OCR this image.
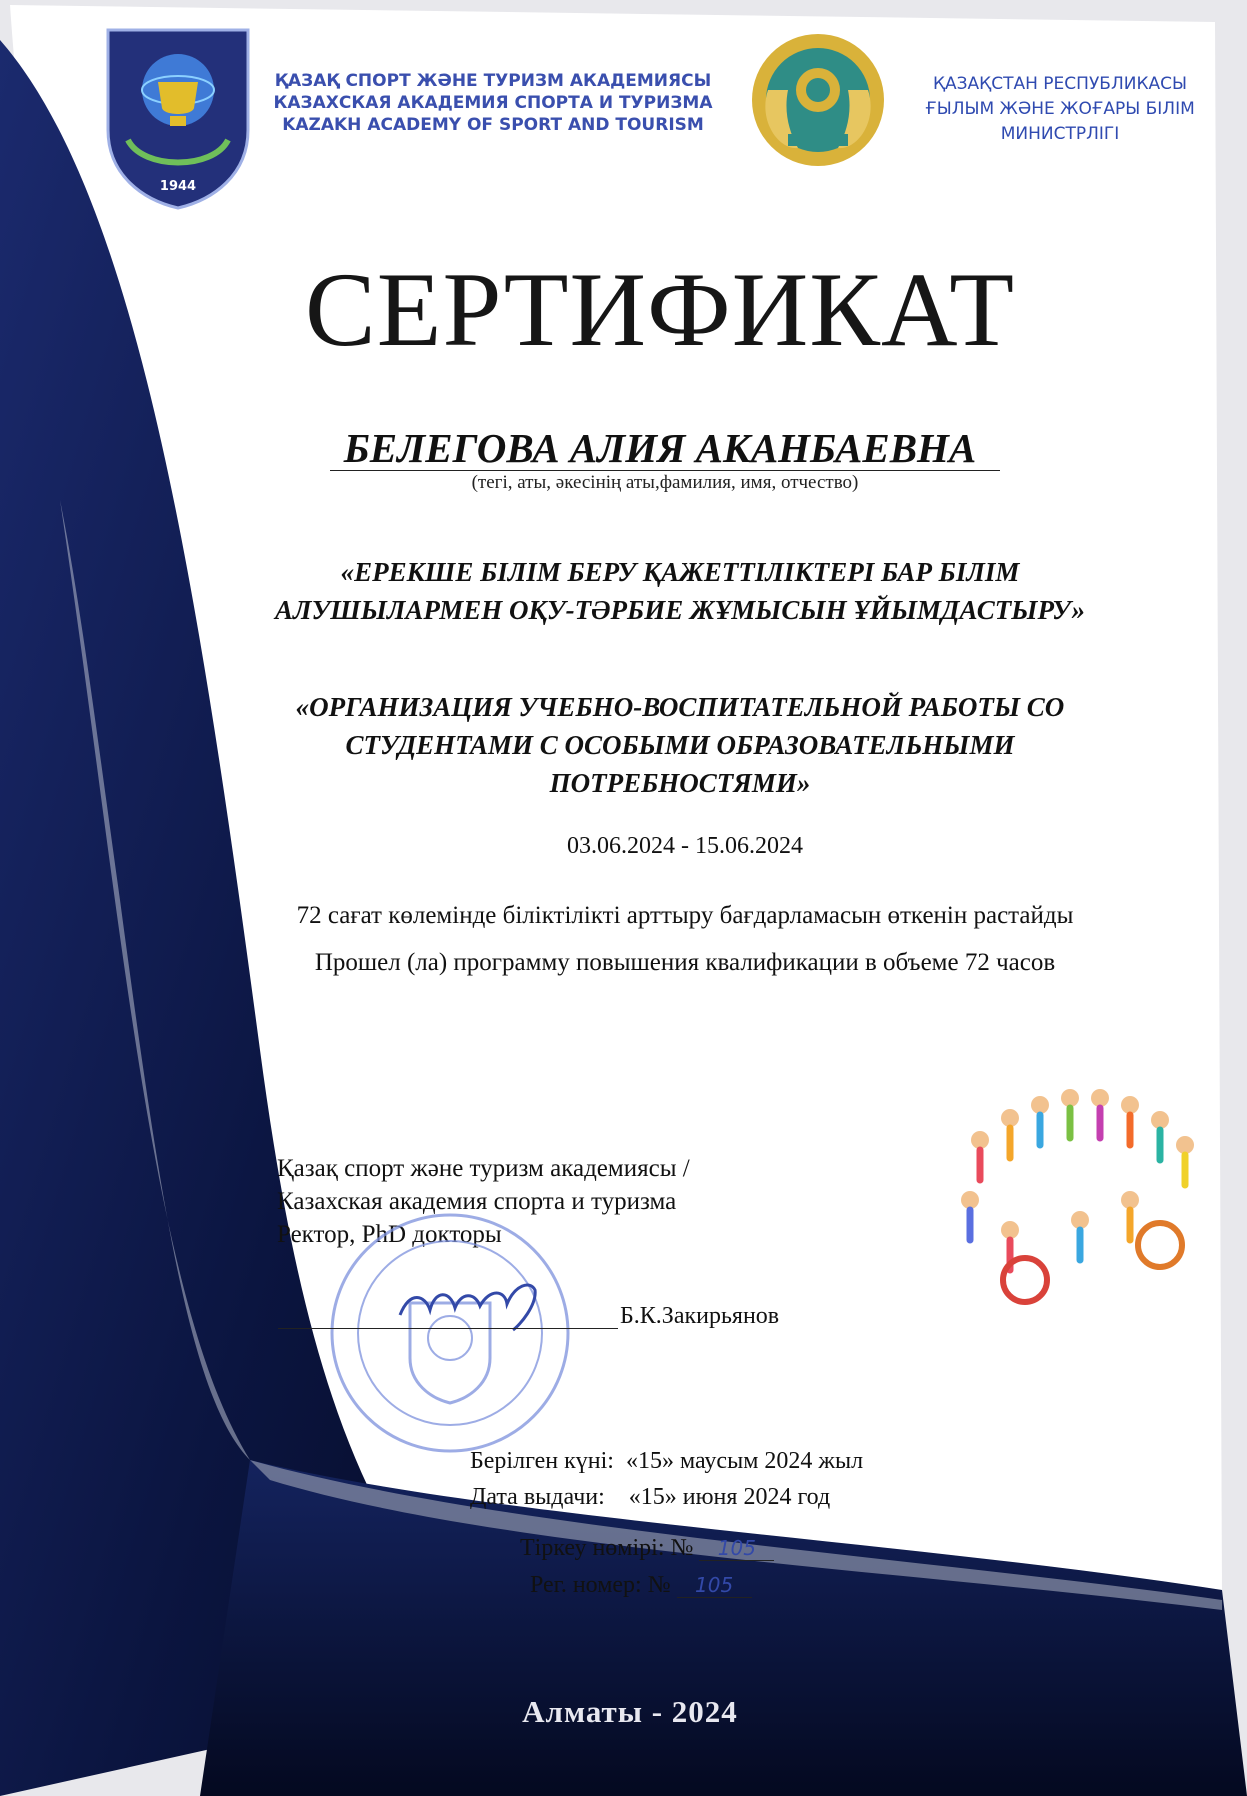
1944
ҚАЗАҚ СПОРТ ЖӘНЕ ТУРИЗМ АКАДЕМИЯСЫ
КАЗАХСКАЯ АКАДЕМИЯ СПОРТА И ТУРИЗМА
KAZAKH ACADEMY OF SPORT AND TOURISM
ҚАЗАҚСТАН РЕСПУБЛИКАСЫ
ҒЫЛЫМ ЖӘНЕ ЖОҒАРЫ БІЛІМ
МИНИСТРЛІГІ
СЕРТИФИКАТ
БЕЛЕГОВА АЛИЯ АКАНБАЕВНА
(тегі, аты, әкесінің аты,фамилия, имя, отчество)
«ЕРЕКШЕ БІЛІМ БЕРУ ҚАЖЕТТІЛІКТЕРІ БАР БІЛІМ
АЛУШЫЛАРМЕН ОҚУ-ТӘРБИЕ ЖҰМЫСЫН ҰЙЫМДАСТЫРУ»
«ОРГАНИЗАЦИЯ УЧЕБНО-ВОСПИТАТЕЛЬНОЙ РАБОТЫ СО
СТУДЕНТАМИ С ОСОБЫМИ ОБРАЗОВАТЕЛЬНЫМИ
ПОТРЕБНОСТЯМИ»
03.06.2024 - 15.06.2024
72 сағат көлемінде біліктілікті арттыру бағдарламасын өткенін растайды
Прошел (ла) программу повышения квалификации в объеме 72 часов
Қазақ спорт және туризм академиясы /
Казахская академия спорта и туризма
Ректор, PhD докторы
Б.К.Закирьянов
Берілген күні: «15» маусым 2024 жыл
Дата выдачи: «15» июня 2024 год
Тіркеу нөмірі: № 105
Рег. номер: № 105
Алматы - 2024
